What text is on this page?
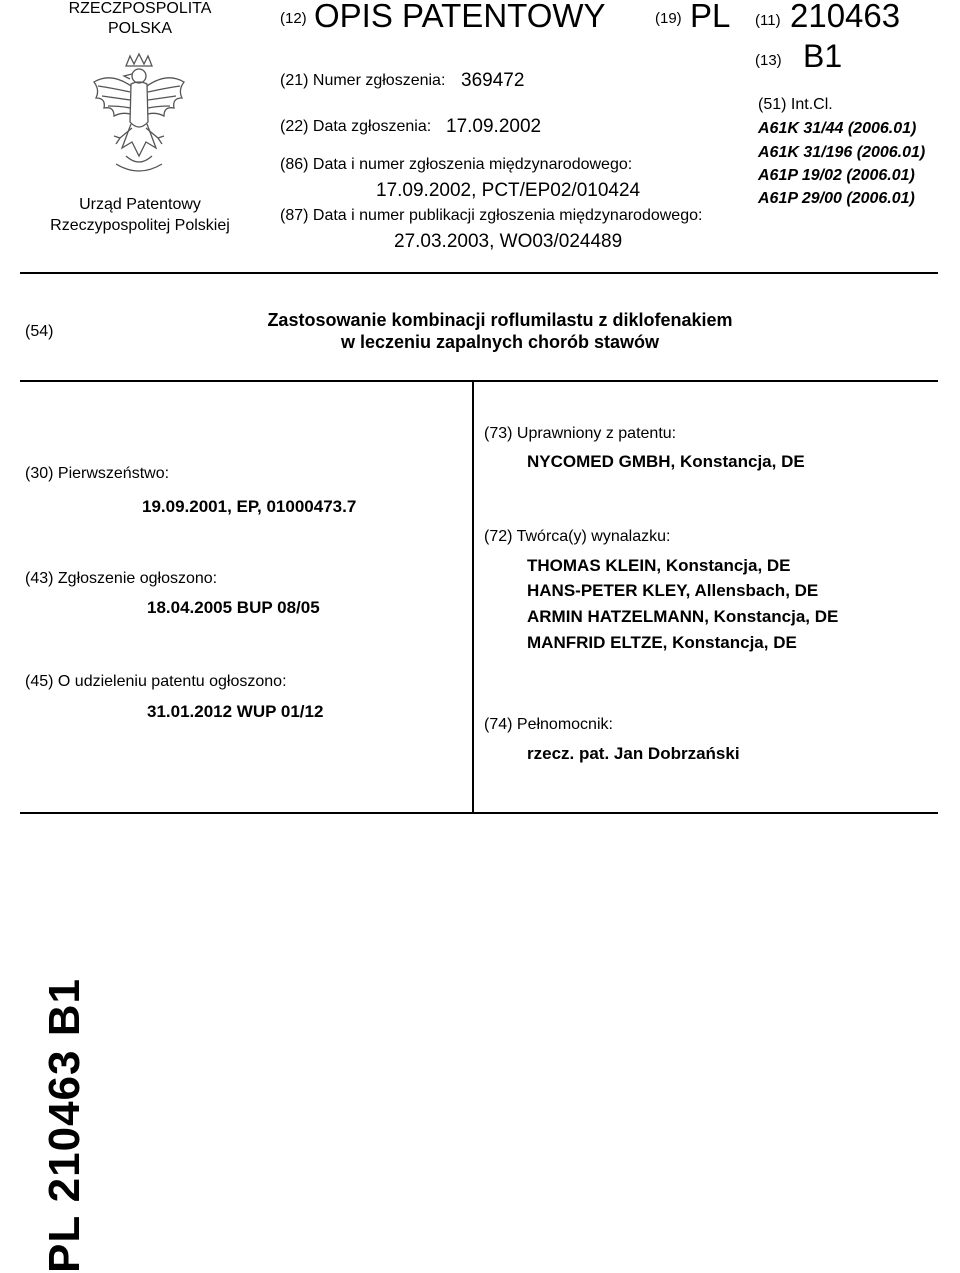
RZECZPOSPOLITA
POLSKA
Urząd Patentowy
Rzeczypospolitej Polskiej
(12) OPIS PATENTOWY	(19) PL (11) 210463
(13) B1
(21) Numer zgłoszenia: 369472
(22) Data zgłoszenia: 17.09.2002
(86) Data i numer zgłoszenia międzynarodowego:
17.09.2002, PCT/EP02/010424
(87) Data i numer publikacji zgłoszenia międzynarodowego:
27.03.2003, WO03/024489
(51) Int.Cl.
A61K 31/44 (2006.01)
A61K 31/196 (2006.01)
A61P 19/02 (2006.01)
A61P 29/00 (2006.01)
(54)
Zastosowanie kombinacji roflumilastu z diklofenakiem
w leczeniu zapalnych chorób stawów
(30) Pierwszeństwo:
19.09.2001, EP, 01000473.7
(43) Zgłoszenie ogłoszono:
18.04.2005 BUP 08/05
(45) O udzieleniu patentu ogłoszono:
31.01.2012 WUP 01/12
(73) Uprawniony z patentu:
NYCOMED GMBH, Konstancja, DE
(72) Twórca(y) wynalazku:
THOMAS KLEIN, Konstancja, DE
HANS-PETER KLEY, Allensbach, DE
ARMIN HATZELMANN, Konstancja, DE
MANFRID ELTZE, Konstancja, DE
(74) Pełnomocnik:
rzecz. pat. Jan Dobrzański
PL 210463 B1
